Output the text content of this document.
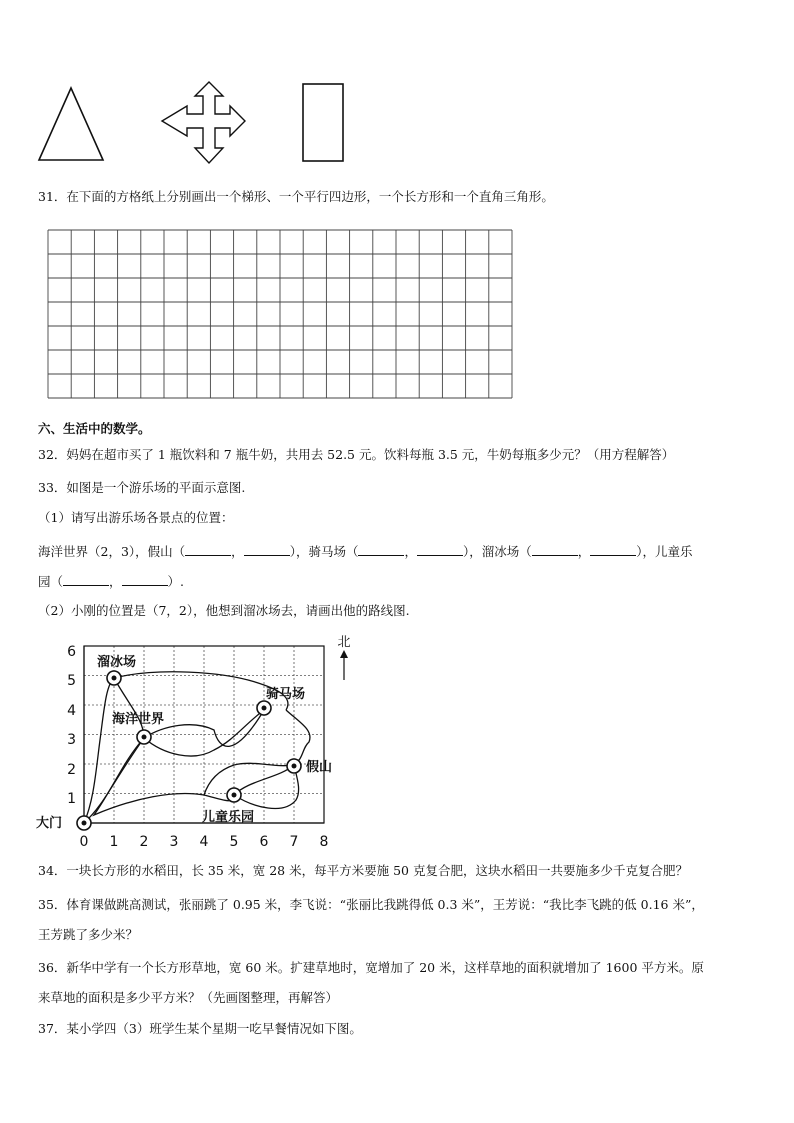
31．在下面的方格纸上分别画出一个梯形、一个平行四边形，一个长方形和一个直角三角形。
六、生活中的数学。
32．妈妈在超市买了 1 瓶饮料和 7 瓶牛奶，共用去 52.5 元。饮料每瓶 3.5 元，牛奶每瓶多少元？（用方程解答）
33．如图是一个游乐场的平面示意图.
（1）请写出游乐场各景点的位置：
海洋世界（2，3），假山（	，	），骑马场（	，	），溜冰场（	，	），儿童乐
园（	，	）.
（2）小刚的位置是（7，2），他想到溜冰场去，请画出他的路线图.
0 1 2 3 4 5 6 7 8
1
2
3
4
5
6
北
大门
溜冰场
骑马场
海洋世界
假山
儿童乐园
34．一块长方形的水稻田，长 35 米，宽 28 米，每平方米要施 50 克复合肥，这块水稻田一共要施多少千克复合肥？
35．体育课做跳高测试，张丽跳了 0.95 米，李飞说：“张丽比我跳得低 0.3 米”，王芳说：“我比李飞跳的低 0.16 米”，
王芳跳了多少米？
36．新华中学有一个长方形草地，宽 60 米。扩建草地时，宽增加了 20 米，这样草地的面积就增加了 1600 平方米。原
来草地的面积是多少平方米？（先画图整理，再解答）
37．某小学四（3）班学生某个星期一吃早餐情况如下图。
